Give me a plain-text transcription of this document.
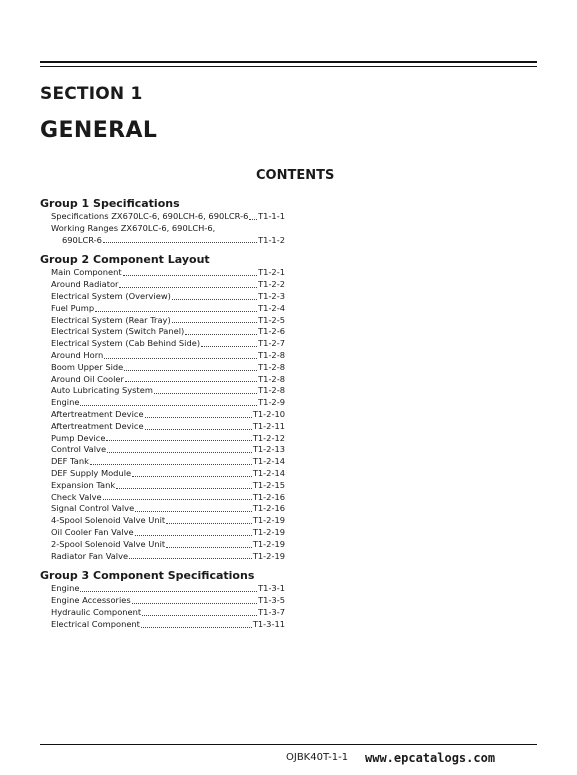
SECTION 1
GENERAL
CONTENTS
Group 1 Specifications
Specifications ZX670LC-6, 690LCH-6, 690LCR-6 T1-1-1
Working Ranges ZX670LC-6, 690LCH-6,
690LCR-6	T1-1-2
Group 2 Component Layout
Main Component	T1-2-1
Around Radiator	T1-2-2
Electrical System (Overview)	T1-2-3
Fuel Pump	T1-2-4
Electrical System (Rear Tray)	T1-2-5
Electrical System (Switch Panel)	T1-2-6
Electrical System (Cab Behind Side)	T1-2-7
Around Horn	T1-2-8
Boom Upper Side	T1-2-8
Around Oil Cooler	T1-2-8
Auto Lubricating System	T1-2-8
Engine	T1-2-9
Aftertreatment Device	T1-2-10
Aftertreatment Device	T1-2-11
Pump Device	T1-2-12
Control Valve	T1-2-13
DEF Tank	T1-2-14
DEF Supply Module	T1-2-14
Expansion Tank	T1-2-15
Check Valve	T1-2-16
Signal Control Valve	T1-2-16
4-Spool Solenoid Valve Unit	T1-2-19
Oil Cooler Fan Valve	T1-2-19
2-Spool Solenoid Valve Unit	T1-2-19
Radiator Fan Valve	T1-2-19
Group 3 Component Specifications
Engine	T1-3-1
Engine Accessories	T1-3-5
Hydraulic Component	T1-3-7
Electrical Component	T1-3-11
OJBK40T-1-1 www.epcatalogs.com
